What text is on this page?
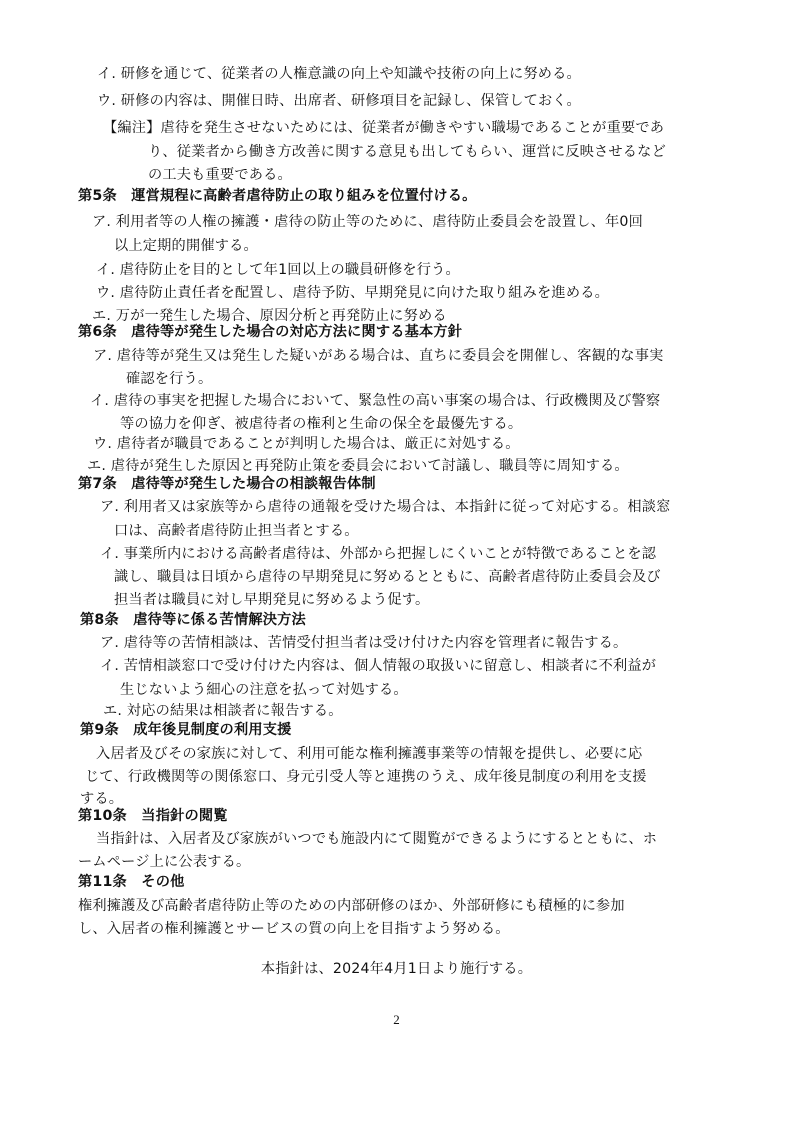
イ. 研修を通じて、従業者の人権意識の向上や知識や技術の向上に努める。
ウ. 研修の内容は、開催日時、出席者、研修項目を記録し、保管しておく。
【編注】虐待を発生させないためには、従業者が働きやすい職場であることが重要であ
り、従業者から働き方改善に関する意見も出してもらい、運営に反映させるなど
の工夫も重要である。
第5条　運営規程に高齢者虐待防止の取り組みを位置付ける。
ア. 利用者等の人権の擁護・虐待の防止等のために、虐待防止委員会を設置し、年0回
以上定期的開催する。
イ. 虐待防止を目的として年1回以上の職員研修を行う。
ウ. 虐待防止責任者を配置し、虐待予防、早期発見に向けた取り組みを進める。
エ. 万が一発生した場合、原因分析と再発防止に努める
第6条　虐待等が発生した場合の対応方法に関する基本方針
ア. 虐待等が発生又は発生した疑いがある場合は、直ちに委員会を開催し、客観的な事実
確認を行う。
イ. 虐待の事実を把握した場合において、緊急性の高い事案の場合は、行政機関及び警察
等の協力を仰ぎ、被虐待者の権利と生命の保全を最優先する。
ウ. 虐待者が職員であることが判明した場合は、厳正に対処する。
エ. 虐待が発生した原因と再発防止策を委員会において討議し、職員等に周知する。
第7条　虐待等が発生した場合の相談報告体制
ア. 利用者又は家族等から虐待の通報を受けた場合は、本指針に従って対応する。相談窓
口は、高齢者虐待防止担当者とする。
イ. 事業所内における高齢者虐待は、外部から把握しにくいことが特徴であることを認
識し、職員は日頃から虐待の早期発見に努めるとともに、高齢者虐待防止委員会及び
担当者は職員に対し早期発見に努めるよう促す。
第8条　虐待等に係る苦情解決方法
ア. 虐待等の苦情相談は、苦情受付担当者は受け付けた内容を管理者に報告する。
イ. 苦情相談窓口で受け付けた内容は、個人情報の取扱いに留意し、相談者に不利益が
生じないよう細心の注意を払って対処する。
エ. 対応の結果は相談者に報告する。
第9条　成年後見制度の利用支援
入居者及びその家族に対して、利用可能な権利擁護事業等の情報を提供し、必要に応
じて、行政機関等の関係窓口、身元引受人等と連携のうえ、成年後見制度の利用を支援
する。
第10条　当指針の閲覧
当指針は、入居者及び家族がいつでも施設内にて閲覧ができるようにするとともに、ホ
ームページ上に公表する。
第11条　その他
権利擁護及び高齢者虐待防止等のための内部研修のほか、外部研修にも積極的に参加
し、入居者の権利擁護とサービスの質の向上を目指すよう努める。
本指針は、2024年4月1日より施行する。
2
